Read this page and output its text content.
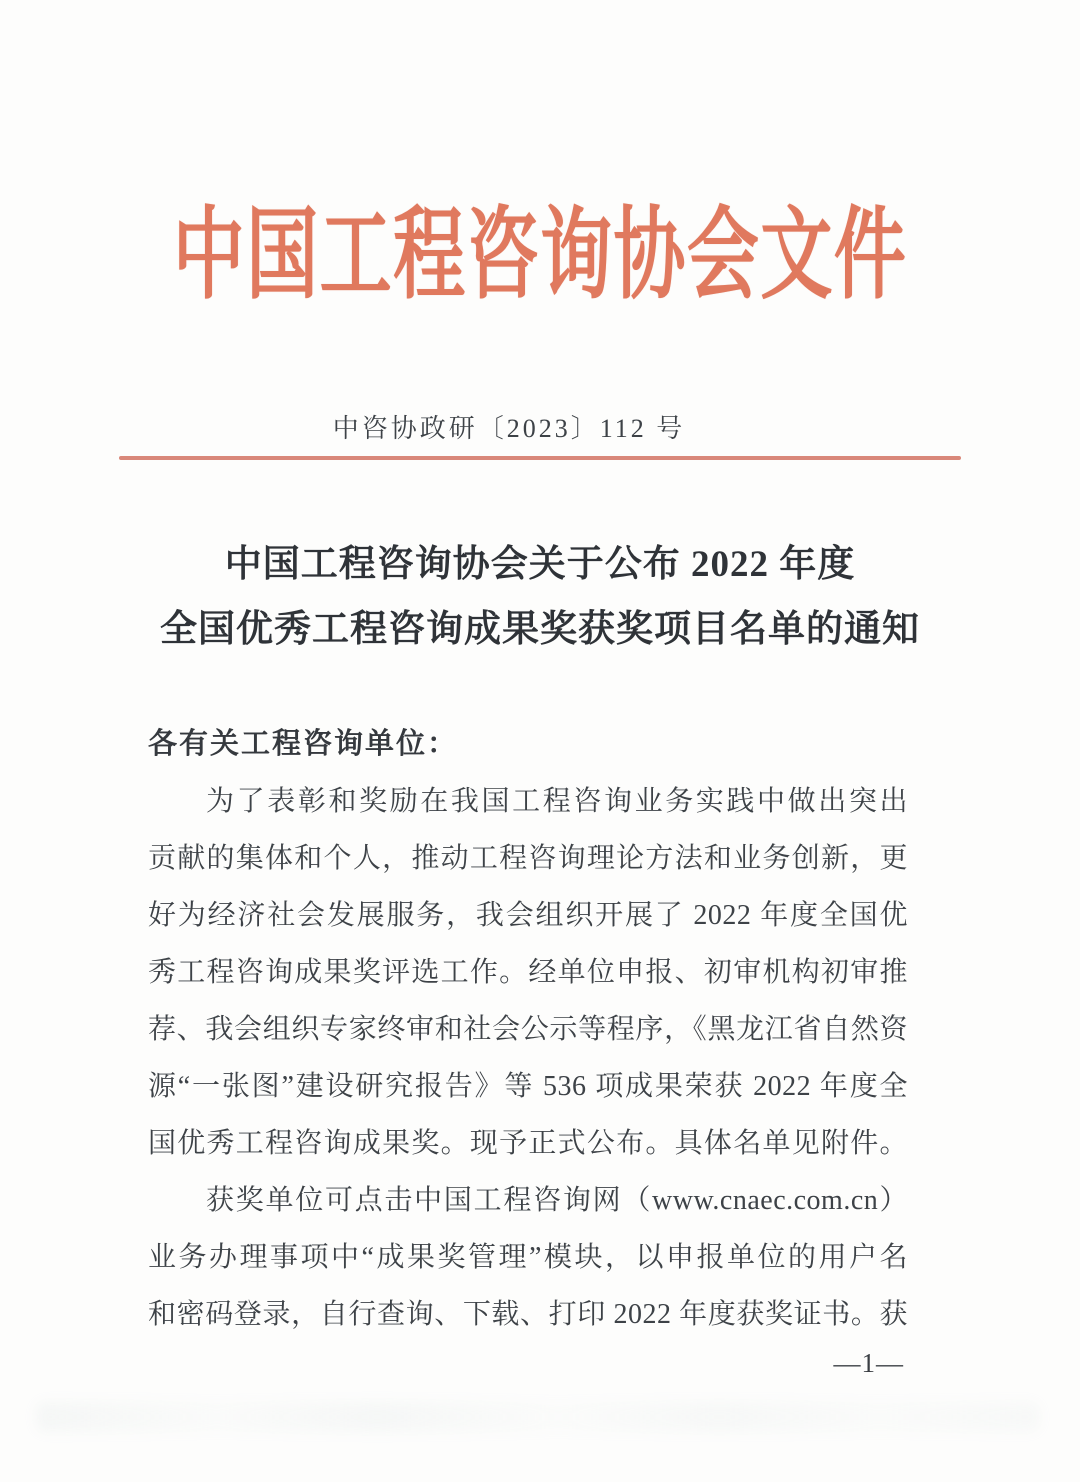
中国工程咨询协会文件
中咨协政研〔2023〕112 号
中国工程咨询协会关于公布 2022 年度
全国优秀工程咨询成果奖获奖项目名单的通知
各有关工程咨询单位：
为了表彰和奖励在我国工程咨询业务实践中做出突出
贡献的集体和个人，推动工程咨询理论方法和业务创新，更
好为经济社会发展服务，我会组织开展了 2022 年度全国优
秀工程咨询成果奖评选工作。经单位申报、初审机构初审推
荐、我会组织专家终审和社会公示等程序，《黑龙江省自然资
源“一张图”建设研究报告》等 536 项成果荣获 2022 年度全
国优秀工程咨询成果奖。现予正式公布。具体名单见附件。
获奖单位可点击中国工程咨询网（www.cnaec.com.cn）
业务办理事项中“成果奖管理”模块，以申报单位的用户名
和密码登录，自行查询、下载、打印 2022 年度获奖证书。获
—1—
